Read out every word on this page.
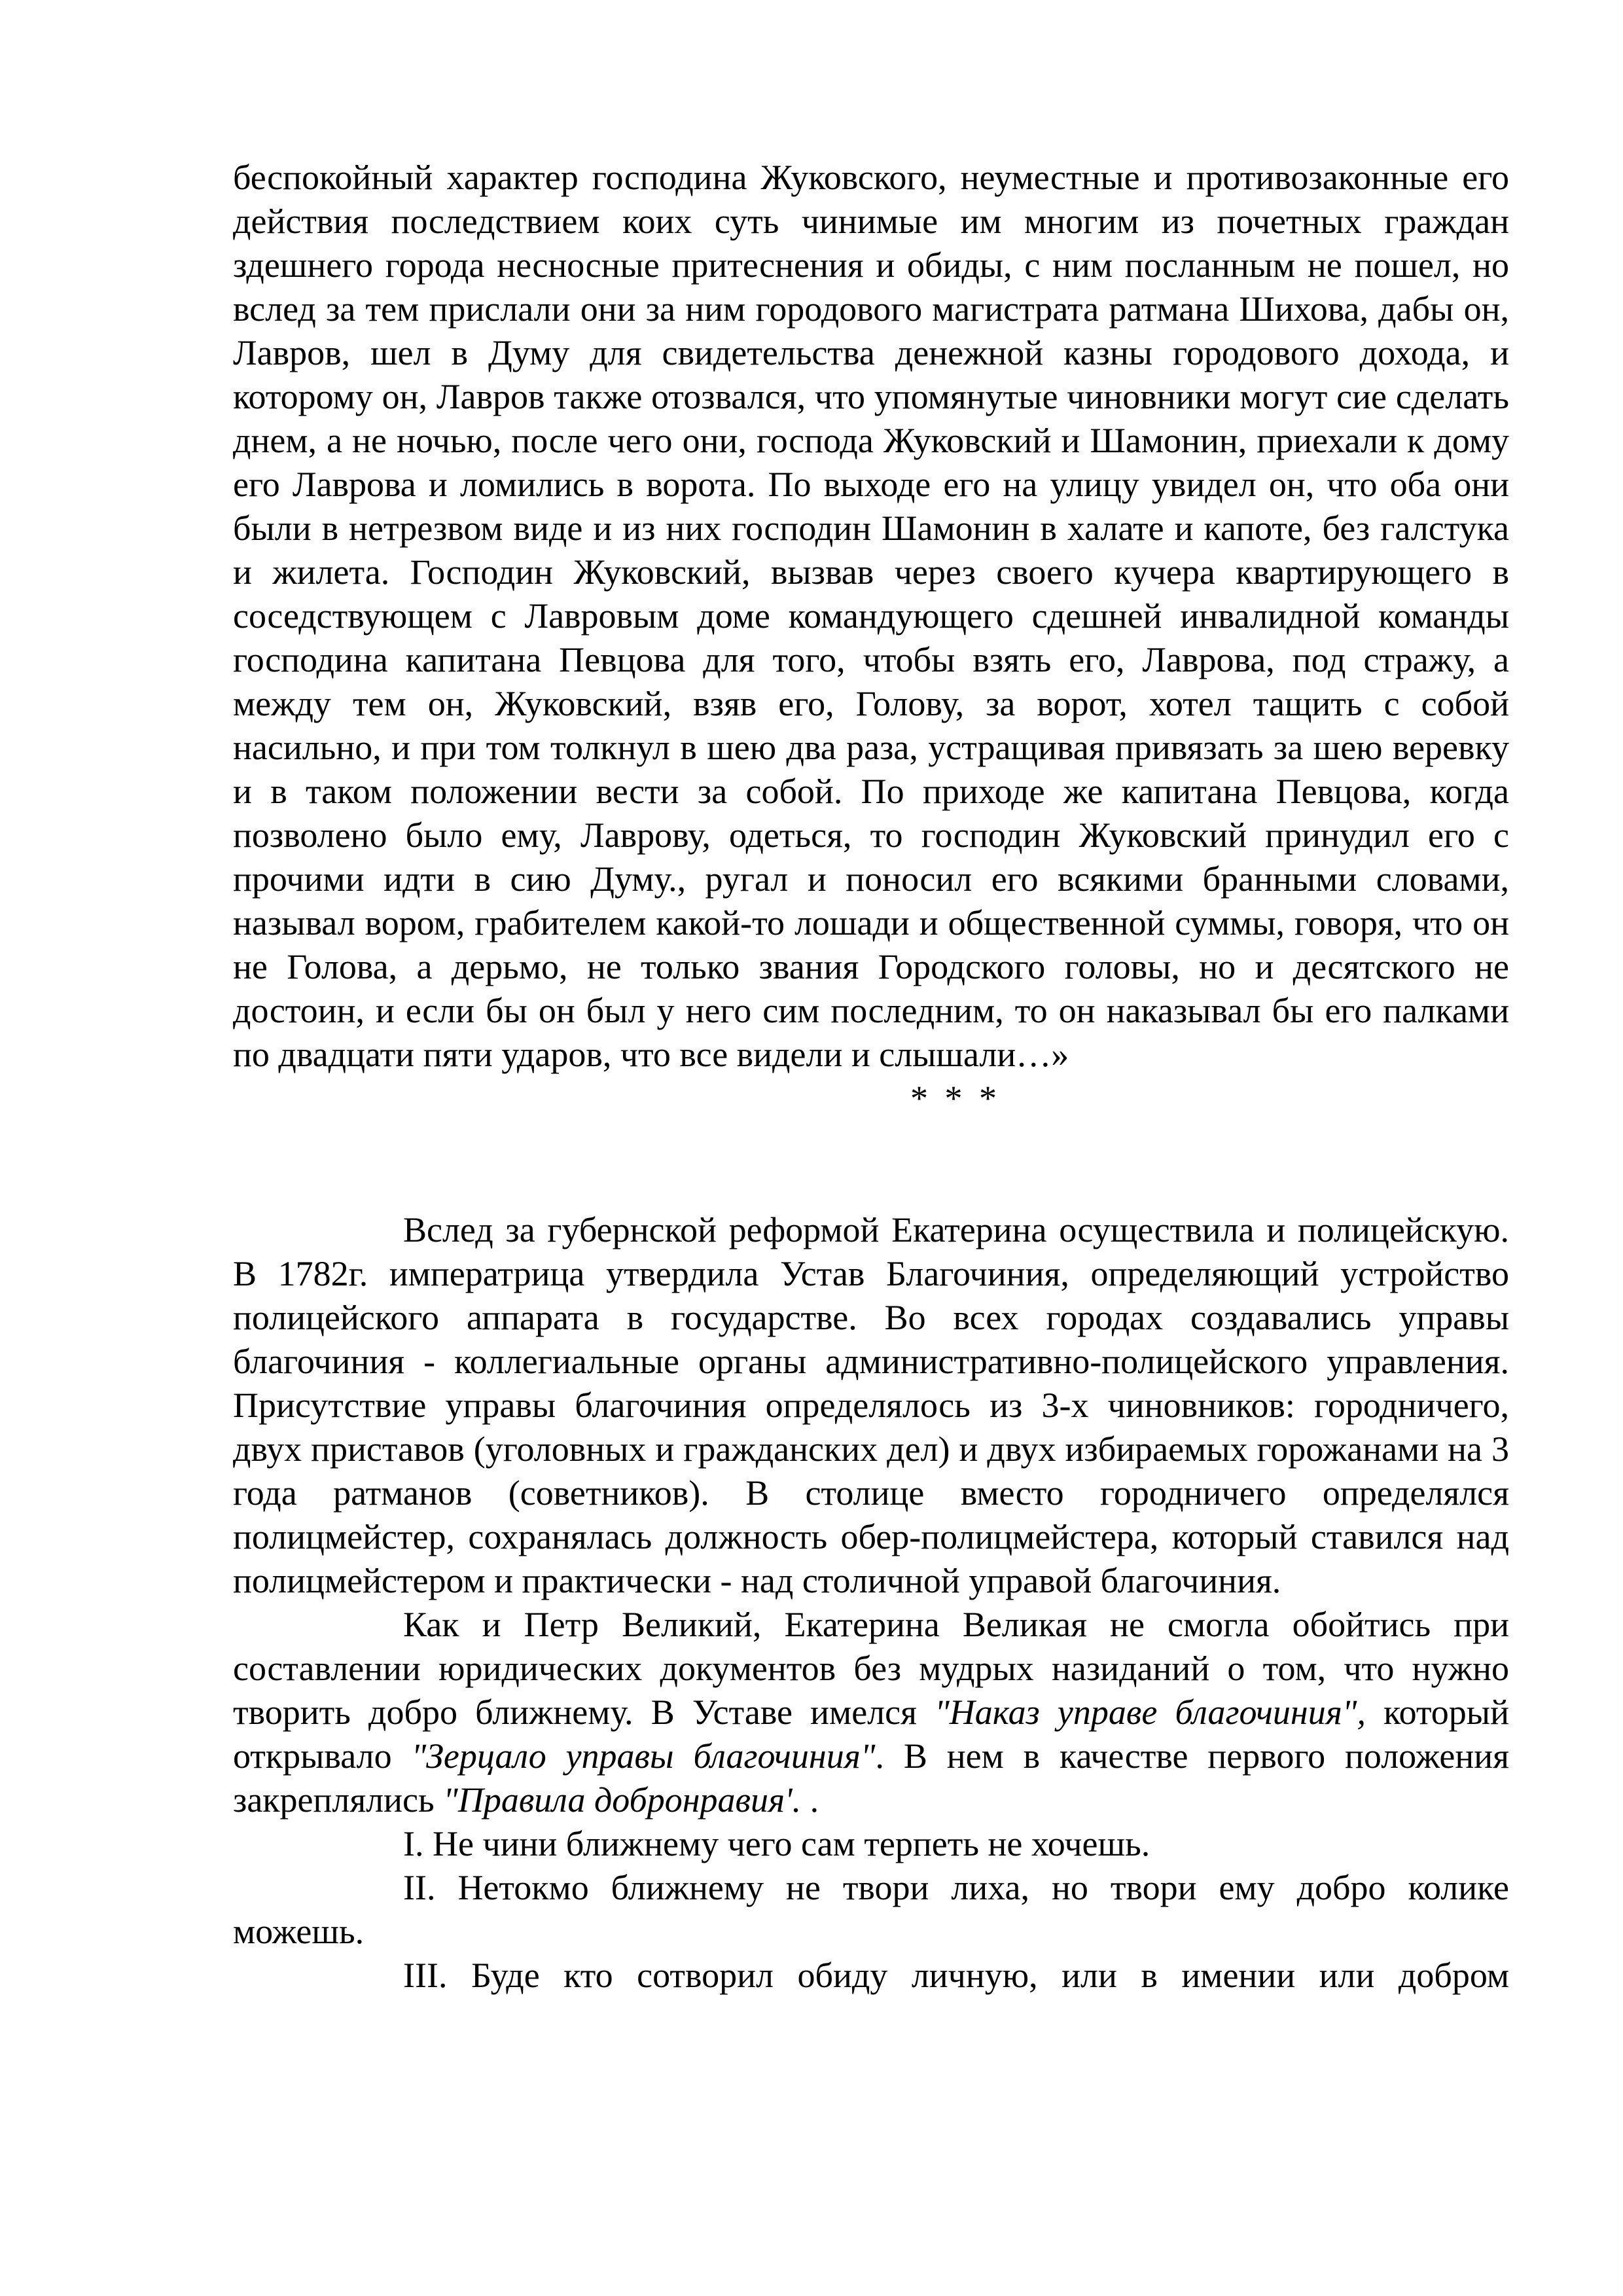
беспокойный характер господина Жуковского, неуместные и противозаконные его действия последствием коих суть чинимые им многим из почетных граждан здешнего города несносные притеснения и обиды, с ним посланным не пошел, но вслед за тем прислали они за ним городового магистрата ратмана Шихова, дабы он, Лавров, шел в Думу для свидетельства денежной казны городового дохода, и которому он, Лавров также отозвался, что упомянутые чиновники могут сие сделать днем, а не ночью, после чего они, господа Жуковский и Шамонин, приехали к дому его Лаврова и ломились в ворота. По выходе его на улицу увидел он, что оба они были в нетрезвом виде и из них господин Шамонин в халате и капоте, без галстука и жилета. Господин Жуковский, вызвав через своего кучера квартирующего в соседствующем с Лавровым доме командующего сдешней инвалидной команды господина капитана Певцова для того, чтобы взять его, Лаврова, под стражу, а между тем он, Жуковский, взяв его, Голову, за ворот, хотел тащить с собой насильно, и при том толкнул в шею два раза, устращивая привязать за шею веревку и в таком положении вести за собой. По приходе же капитана Певцова, когда позволено было ему, Лаврову, одеться, то господин Жуковский принудил его с прочими идти в сию Думу., ругал и поносил его всякими бранными словами, называл вором, грабителем какой-то лошади и общественной суммы, говоря, что он не Голова, а дерьмо, не только звания Городского головы, но и десятского не достоин, и если бы он был у него сим последним, то он наказывал бы его палками по двадцати пяти ударов, что все видели и слышали…»

* * *

Вслед за губернской реформой Екатерина осуществила и полицейскую. В 1782г. императрица утвердила Устав Благочиния, определяющий устройство полицейского аппарата в государстве. Во всех городах создавались управы благочиния - коллегиальные органы административно-полицейского управления. Присутствие управы благочиния определялось из 3-х чиновников: городничего, двух приставов (уголовных и гражданских дел) и двух избираемых горожанами на 3 года ратманов (советников). В столице вместо городничего определялся полицмейстер, сохранялась должность обер-полицмейстера, который ставился над полицмейстером и практически - над столичной управой благочиния.

Как и Петр Великий, Екатерина Великая не смогла обойтись при составлении юридических документов без мудрых назиданий о том, что нужно творить добро ближнему. В Уставе имелся "Наказ управе благочиния", который открывало "Зерцало управы благочиния". В нем в качестве первого положения закреплялись "Правила добронравия'. .

I. Не чини ближнему чего сам терпеть не хочешь.

II. Нетокмо ближнему не твори лиха, но твори ему добро колике можешь.

III. Буде кто сотворил обиду личную, или в имении или добром
